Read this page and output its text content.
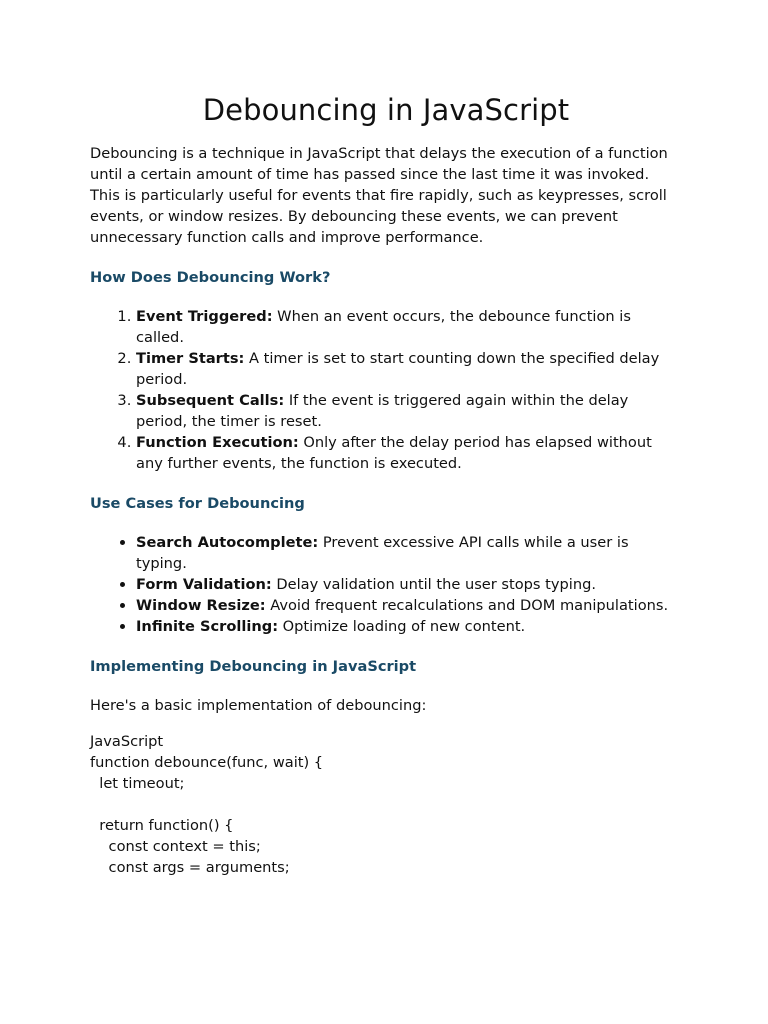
Debouncing in JavaScript

Debouncing is a technique in JavaScript that delays the execution of a function until a certain amount of time has passed since the last time it was invoked. This is particularly useful for events that fire rapidly, such as keypresses, scroll events, or window resizes. By debouncing these events, we can prevent unnecessary function calls and improve performance.

How Does Debouncing Work?
1. Event Triggered: When an event occurs, the debounce function is called.
2. Timer Starts: A timer is set to start counting down the specified delay period.
3. Subsequent Calls: If the event is triggered again within the delay period, the timer is reset.
4. Function Execution: Only after the delay period has elapsed without any further events, the function is executed.
Use Cases for Debouncing
• Search Autocomplete: Prevent excessive API calls while a user is typing.
• Form Validation: Delay validation until the user stops typing.
• Window Resize: Avoid frequent recalculations and DOM manipulations.
• Infinite Scrolling: Optimize loading of new content.
Implementing Debouncing in JavaScript

Here's a basic implementation of debouncing:

JavaScript
function debounce(func, wait) {
let timeout;
return function() {
const context = this;
const args = arguments;
